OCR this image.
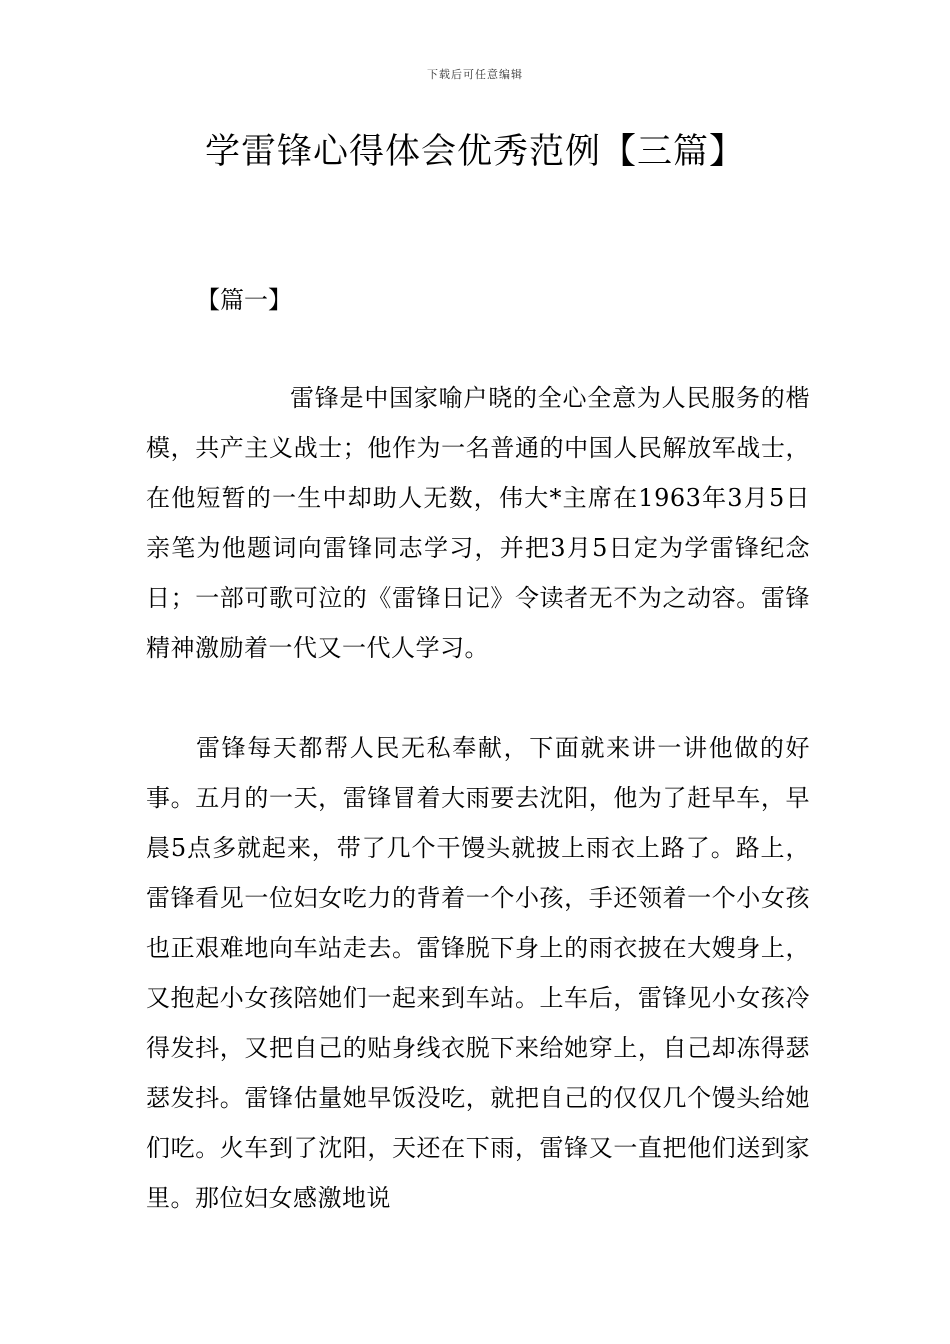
下载后可任意编辑
学雷锋心得体会优秀范例【三篇】
【篇一】

雷锋是中国家喻户晓的全心全意为人民服务的楷模，共产主义战士；他作为一名普通的中国人民解放军战士，在他短暂的一生中却助人无数，伟大*主席在1963年3月5日亲笔为他题词向雷锋同志学习，并把3月5日定为学雷锋纪念日；一部可歌可泣的《雷锋日记》令读者无不为之动容。雷锋精神激励着一代又一代人学习。

雷锋每天都帮人民无私奉献，下面就来讲一讲他做的好事。五月的一天，雷锋冒着大雨要去沈阳，他为了赶早车，早晨5点多就起来，带了几个干馒头就披上雨衣上路了。路上，雷锋看见一位妇女吃力的背着一个小孩，手还领着一个小女孩也正艰难地向车站走去。雷锋脱下身上的雨衣披在大嫂身上，又抱起小女孩陪她们一起来到车站。上车后，雷锋见小女孩冷得发抖，又把自己的贴身线衣脱下来给她穿上，自己却冻得瑟瑟发抖。雷锋估量她早饭没吃，就把自己的仅仅几个馒头给她们吃。火车到了沈阳，天还在下雨，雷锋又一直把他们送到家里。那位妇女感激地说
